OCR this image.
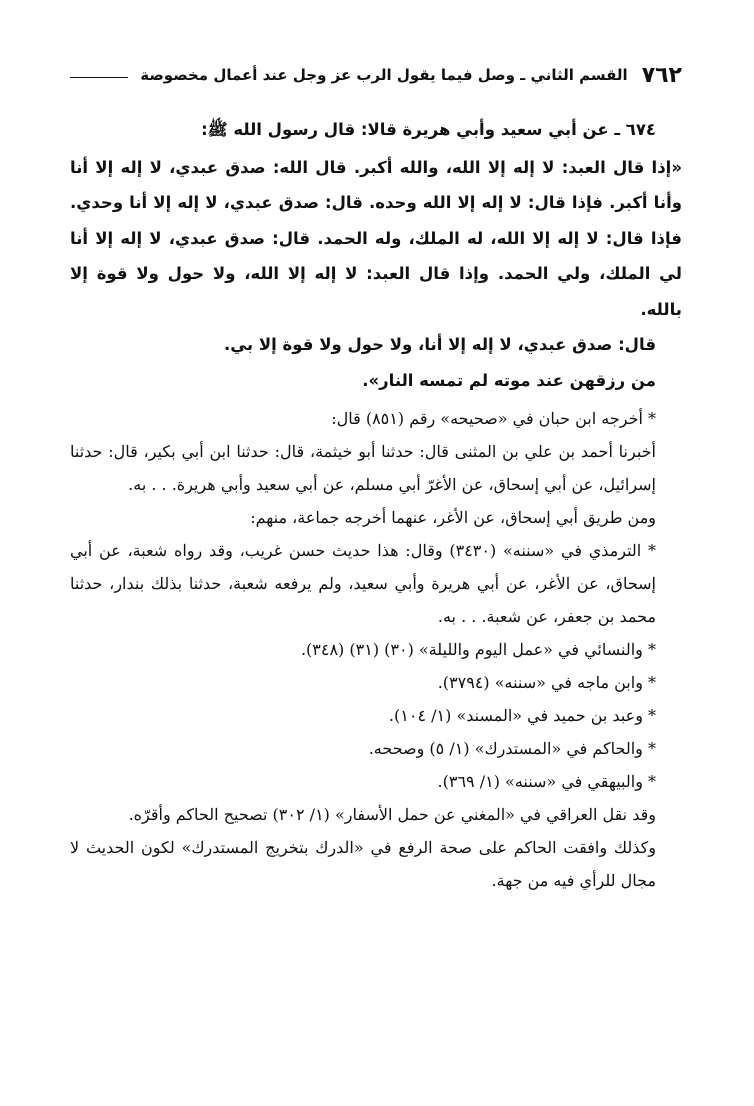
٧٦٢
القسم الثاني ـ وصل فيما يقول الرب عز وجل عند أعمال مخصوصة

٦٧٤ ـ عن أبي سعيد وأبي هريرة قالا: قال رسول الله ﷺ:

«إذا قال العبد: لا إله إلا الله، والله أكبر. قال الله: صدق عبدي، لا إله إلا أنا وأنا أكبر. فإذا قال: لا إله إلا الله وحده. قال: صدق عبدي، لا إله إلا أنا وحدي. فإذا قال: لا إله إلا الله، له الملك، وله الحمد. قال: صدق عبدي، لا إله إلا أنا لي الملك، ولي الحمد. وإذا قال العبد: لا إله إلا الله، ولا حول ولا قوة إلا بالله.

قال: صدق عبدي، لا إله إلا أنا، ولا حول ولا قوة إلا بي.

من رزقهن عند موته لم تمسه النار».

* أخرجه ابن حبان في «صحيحه» رقم (٨٥١) قال:

أخبرنا أحمد بن علي بن المثنى قال: حدثنا أبو خيثمة، قال: حدثنا ابن أبي بكير، قال: حدثنا إسرائيل، عن أبي إسحاق، عن الأغرّ أبي مسلم، عن أبي سعيد وأبي هريرة. . . به.

ومن طريق أبي إسحاق، عن الأغر، عنهما أخرجه جماعة، منهم:

* الترمذي في «سننه» (٣٤٣٠) وقال: هذا حديث حسن غريب، وقد رواه شعبة، عن أبي إسحاق، عن الأغر، عن أبي هريرة وأبي سعيد، ولم يرفعه شعبة، حدثنا بذلك بندار، حدثنا محمد بن جعفر، عن شعبة. . . به.

* والنسائي في «عمل اليوم والليلة» (٣٠) (٣١) (٣٤٨).

* وابن ماجه في «سننه» (٣٧٩٤).

* وعبد بن حميد في «المسند» (١/ ١٠٤).

* والحاكم في «المستدرك» (١/ ٥) وصححه.

* والبيهقي في «سننه» (١/ ٣٦٩).

وقد نقل العراقي في «المغني عن حمل الأسفار» (١/ ٣٠٢) تصحيح الحاكم وأقرّه.

وكذلك وافقت الحاكم على صحة الرفع في «الدرك بتخريج المستدرك» لكون الحديث لا مجال للرأي فيه من جهة.
